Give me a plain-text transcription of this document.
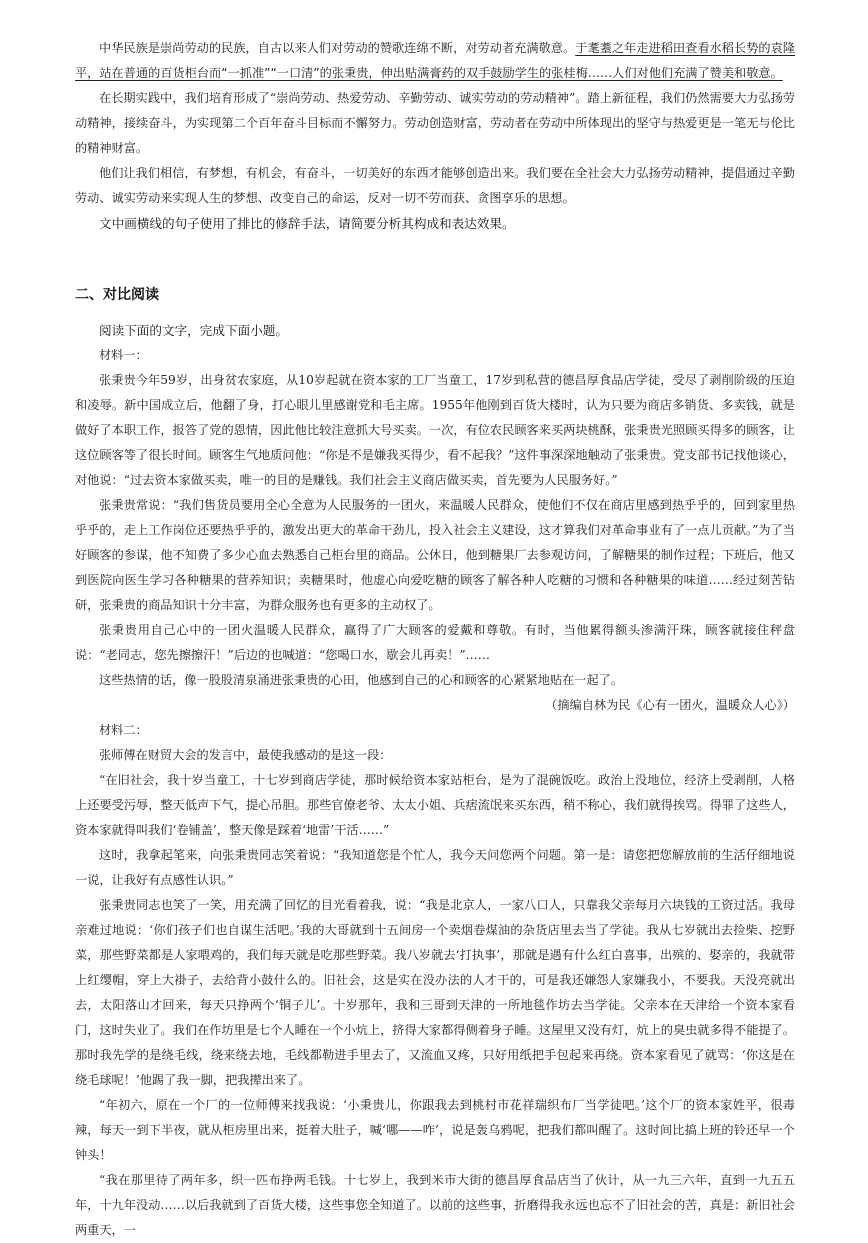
中华民族是崇尚劳动的民族，自古以来人们对劳动的赞歌连绵不断，对劳动者充满敬意。于耄耋之年走进稻田查看水稻长势的袁隆平，站在普通的百货柜台而“一抓准”“一口清”的张秉贵，伸出贴满膏药的双手鼓励学生的张桂梅……人们对他们充满了赞美和敬意。

在长期实践中，我们培育形成了“崇尚劳动、热爱劳动、辛勤劳动、诚实劳动的劳动精神”。踏上新征程，我们仍然需要大力弘扬劳动精神，接续奋斗，为实现第二个百年奋斗目标而不懈努力。劳动创造财富，劳动者在劳动中所体现出的坚守与热爱更是一笔无与伦比的精神财富。

他们让我们相信，有梦想，有机会，有奋斗，一切美好的东西才能够创造出来。我们要在全社会大力弘扬劳动精神，提倡通过辛勤劳动、诚实劳动来实现人生的梦想、改变自己的命运，反对一切不劳而获、贪图享乐的思想。

文中画横线的句子使用了排比的修辞手法，请简要分析其构成和表达效果。

二、对比阅读

阅读下面的文字，完成下面小题。

材料一：

张秉贵今年59岁，出身贫农家庭，从10岁起就在资本家的工厂当童工，17岁到私营的德昌厚食品店学徒，受尽了剥削阶级的压迫和凌辱。新中国成立后，他翻了身，打心眼儿里感谢党和毛主席。1955年他刚到百货大楼时，认为只要为商店多销货、多卖钱，就是做好了本职工作，报答了党的恩情，因此他比较注意抓大号买卖。一次，有位农民顾客来买两块桃酥，张秉贵光照顾买得多的顾客，让这位顾客等了很长时间。顾客生气地质问他：“你是不是嫌我买得少，看不起我？”这件事深深地触动了张秉贵。党支部书记找他谈心，对他说：“过去资本家做买卖，唯一的目的是赚钱。我们社会主义商店做买卖，首先要为人民服务好。”

张秉贵常说：“我们售货员要用全心全意为人民服务的一团火，来温暖人民群众，使他们不仅在商店里感到热乎乎的，回到家里热乎乎的，走上工作岗位还要热乎乎的，激发出更大的革命干劲儿，投入社会主义建设，这才算我们对革命事业有了一点儿贡献。”为了当好顾客的参谋，他不知费了多少心血去熟悉自己柜台里的商品。公休日，他到糖果厂去参观访问，了解糖果的制作过程；下班后，他又到医院向医生学习各种糖果的营养知识；卖糖果时，他虚心向爱吃糖的顾客了解各种人吃糖的习惯和各种糖果的味道……经过刻苦钻研，张秉贵的商品知识十分丰富，为群众服务也有更多的主动权了。

张秉贵用自己心中的一团火温暖人民群众，赢得了广大顾客的爱戴和尊敬。有时，当他累得额头渗满汗珠，顾客就接住秤盘说：“老同志，您先擦擦汗！”后边的也喊道：“您喝口水，歇会儿再卖！”……

这些热情的话，像一股股清泉涌进张秉贵的心田，他感到自己的心和顾客的心紧紧地贴在一起了。

（摘编自林为民《心有一团火，温暖众人心》）

材料二：

张师傅在财贸大会的发言中，最使我感动的是这一段：

“在旧社会，我十岁当童工，十七岁到商店学徒，那时候给资本家站柜台，是为了混碗饭吃。政治上没地位，经济上受剥削，人格上还要受污辱，整天低声下气，提心吊胆。那些官僚老爷、太太小姐、兵痞流氓来买东西，稍不称心，我们就得挨骂。得罪了这些人，资本家就得叫我们‘卷铺盖’，整天像是踩着‘地雷’干活……”

这时，我拿起笔来，向张秉贵同志笑着说：“我知道您是个忙人，我今天问您两个问题。第一是：请您把您解放前的生活仔细地说一说，让我好有点感性认识。”

张秉贵同志也笑了一笑，用充满了回忆的目光看着我，说：“我是北京人，一家八口人，只靠我父亲每月六块钱的工资过活。我母亲难过地说：‘你们孩子们也自谋生活吧。’我的大哥就到十五间房一个卖烟卷煤油的杂货店里去当了学徒。我从七岁就出去捡柴、挖野菜，那些野菜都是人家喂鸡的，我们每天就是吃那些野菜。我八岁就去‘打执事’，那就是遇有什么红白喜事，出殡的、娶亲的，我就带上红缨帽，穿上大褂子，去给背小鼓什么的。旧社会，这是实在没办法的人才干的，可是我还嫌怨人家嫌我小，不要我。天没亮就出去，太阳落山才回来，每天只挣两个‘铜子儿’。十岁那年，我和三哥到天津的一所地毯作坊去当学徒。父亲本在天津给一个资本家看门，这时失业了。我们在作坊里是七个人睡在一个小炕上，挤得大家都得侧着身子睡。这屋里又没有灯，炕上的臭虫就多得不能提了。那时我先学的是绕毛线，绕来绕去地，毛线都勒进手里去了，又流血又疼，只好用纸把手包起来再绕。资本家看见了就骂：‘你这是在绕毛球呢！’他踢了我一脚，把我撵出来了。

“年初六，原在一个厂的一位师傅来找我说：‘小秉贵儿，你跟我去到桃村市花祥瑞织布厂当学徒吧。’这个厂的资本家姓平，很毒辣，每天一到下半夜，就从柜房里出来，挺着大肚子，喊‘哪——咋’，说是轰乌鸦呢，把我们都叫醒了。这时间比搞上班的铃还早一个钟头！

“我在那里待了两年多，织一匹布挣两毛钱。十七岁上，我到米市大街的德昌厚食品店当了伙计，从一九三六年，直到一九五五年，十九年没动……以后我就到了百货大楼，这些事您全知道了。以前的这些事，折磨得我永远也忘不了旧社会的苦，真是：新旧社会两重天，一
